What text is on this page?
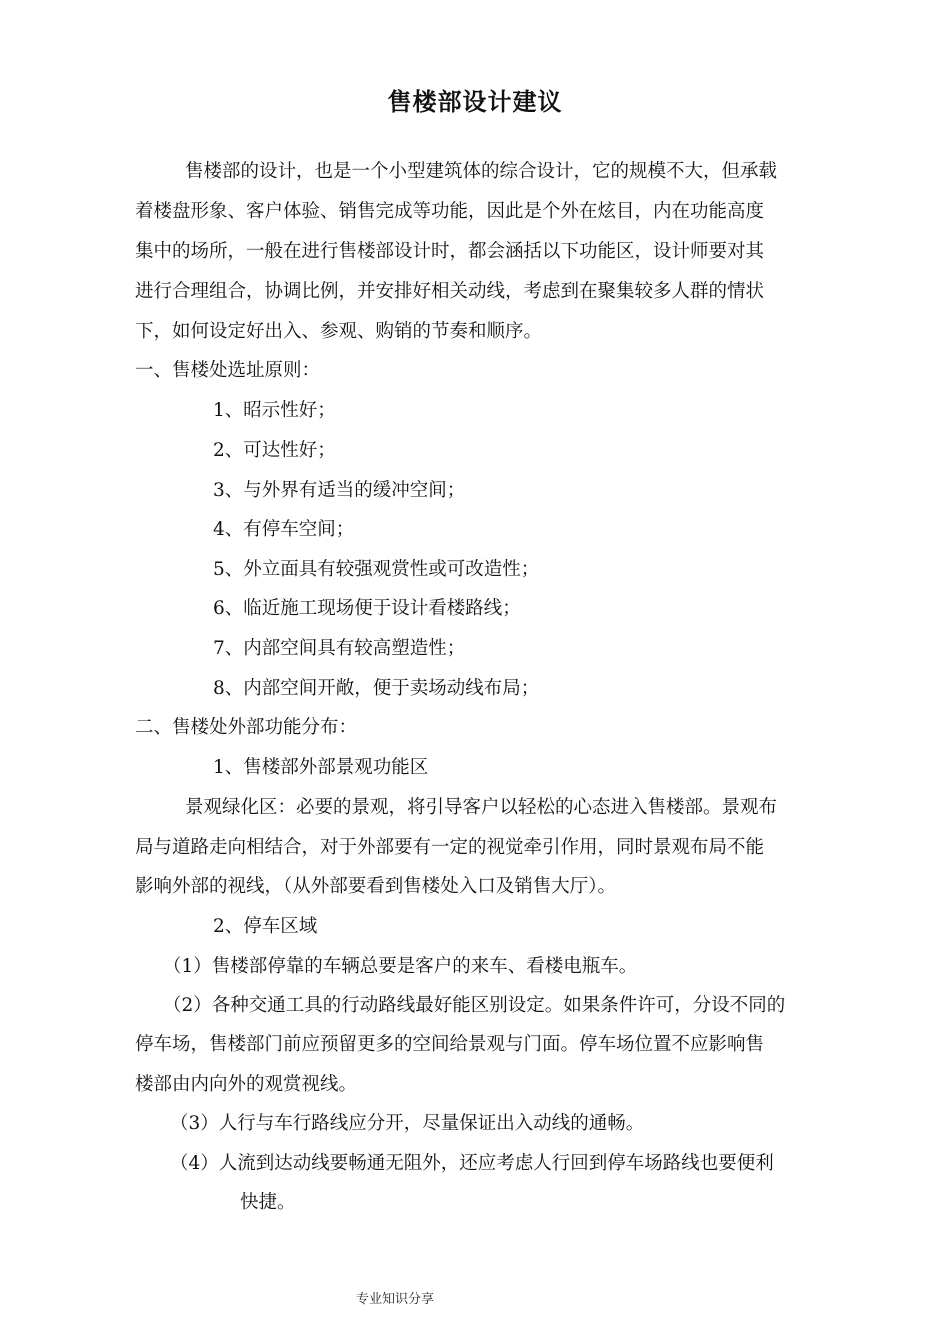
售楼部设计建议
售楼部的设计，也是一个小型建筑体的综合设计，它的规模不大，但承载
着楼盘形象、客户体验、销售完成等功能，因此是个外在炫目，内在功能高度
集中的场所，一般在进行售楼部设计时，都会涵括以下功能区，设计师要对其
进行合理组合，协调比例，并安排好相关动线，考虑到在聚集较多人群的情状
下，如何设定好出入、参观、购销的节奏和顺序。
一、售楼处选址原则：
1、昭示性好；
2、可达性好；
3、与外界有适当的缓冲空间；
4、有停车空间；
5、外立面具有较强观赏性或可改造性；
6、临近施工现场便于设计看楼路线；
7、内部空间具有较高塑造性；
8、内部空间开敞，便于卖场动线布局；
二、售楼处外部功能分布：
1、售楼部外部景观功能区
景观绿化区：必要的景观，将引导客户以轻松的心态进入售楼部。景观布
局与道路走向相结合，对于外部要有一定的视觉牵引作用，同时景观布局不能
影响外部的视线，（从外部要看到售楼处入口及销售大厅）。
2、停车区域
（1）售楼部停靠的车辆总要是客户的来车、看楼电瓶车。
（2）各种交通工具的行动路线最好能区别设定。如果条件许可，分设不同的
停车场，售楼部门前应预留更多的空间给景观与门面。停车场位置不应影响售
楼部由内向外的观赏视线。
（3）人行与车行路线应分开，尽量保证出入动线的通畅。
（4）人流到达动线要畅通无阻外，还应考虑人行回到停车场路线也要便利
快捷。
专业知识分享
